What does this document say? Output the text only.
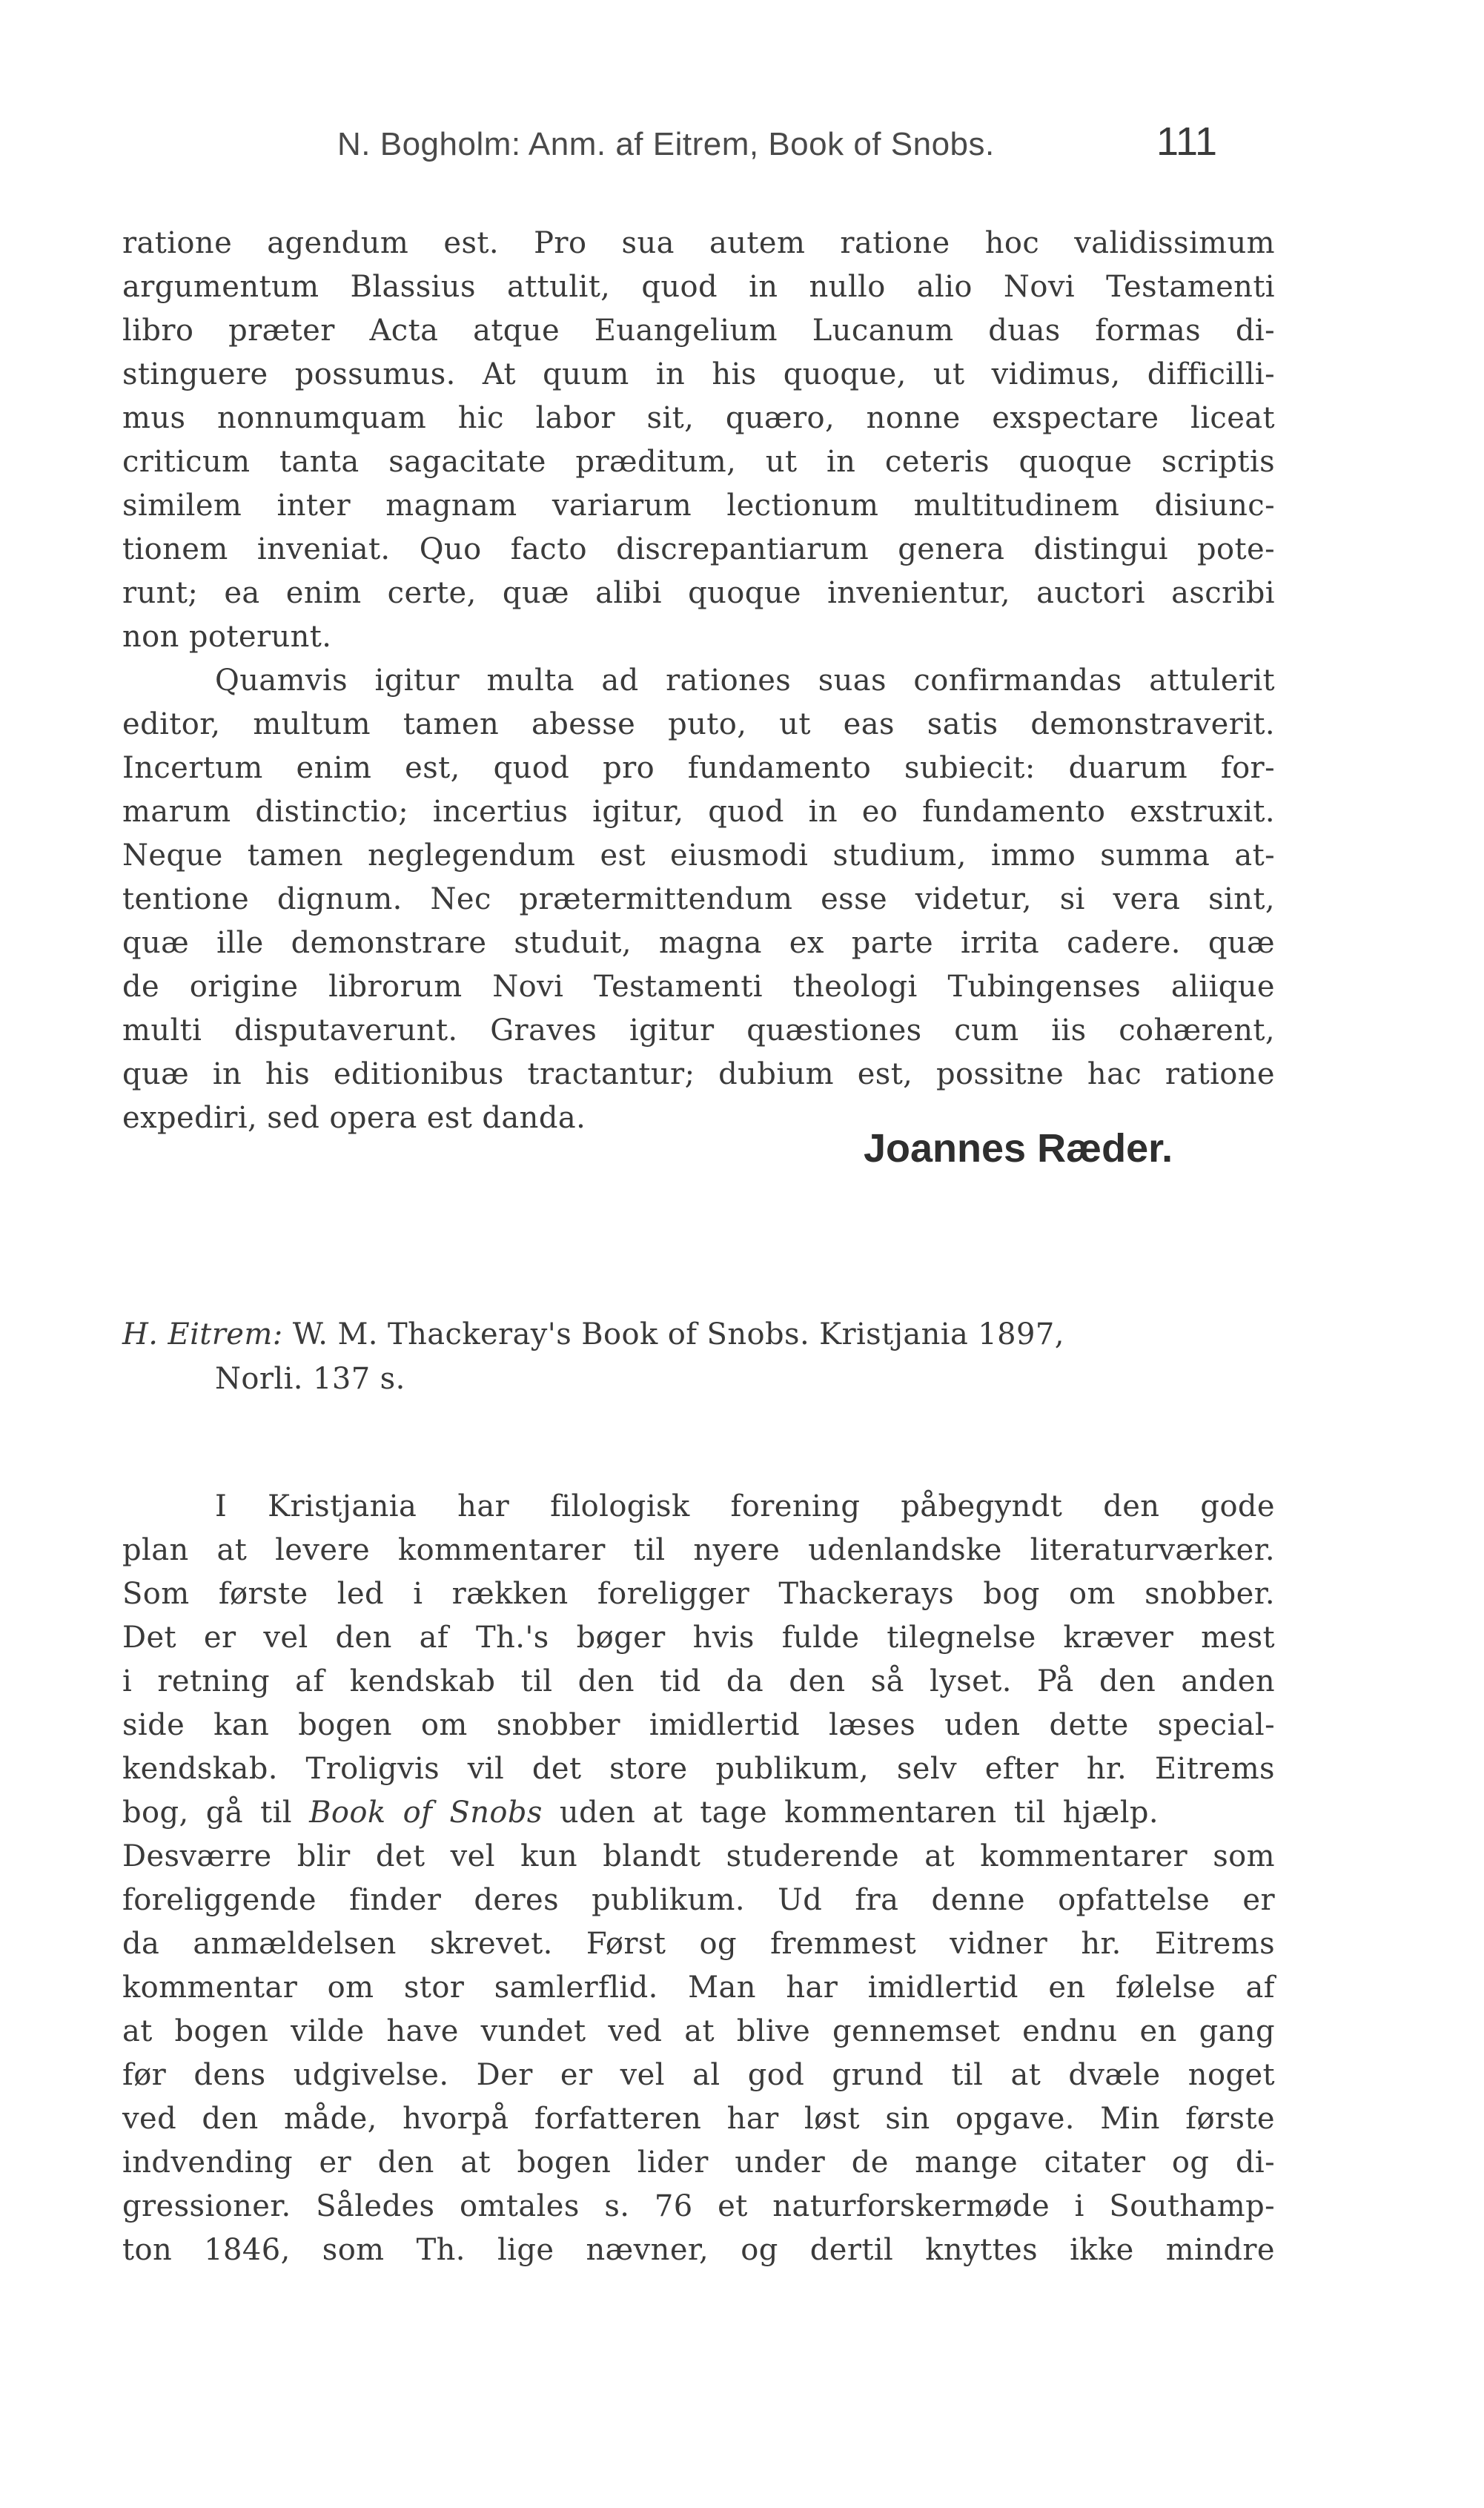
N. Bogholm: Anm. af Eitrem, Book of Snobs.	111
ratione agendum est. Pro sua autem ratione hoc validissimum
argumentum Blassius attulit, quod in nullo alio Novi Testamenti
libro præter Acta atque Euangelium Lucanum duas formas di-
stinguere possumus. At quum in his quoque, ut vidimus, difficilli-
mus nonnumquam hic labor sit, quæro, nonne exspectare liceat
criticum tanta sagacitate præditum, ut in ceteris quoque scriptis
similem inter magnam variarum lectionum multitudinem disiunc-
tionem inveniat. Quo facto discrepantiarum genera distingui pote-
runt; ea enim certe, quæ alibi quoque invenientur, auctori ascribi
non poterunt.
Quamvis igitur multa ad rationes suas confirmandas attulerit
editor, multum tamen abesse puto, ut eas satis demonstraverit.
Incertum enim est, quod pro fundamento subiecit: duarum for-
marum distinctio; incertius igitur, quod in eo fundamento exstruxit.
Neque tamen neglegendum est eiusmodi studium, immo summa at-
tentione dignum. Nec prætermittendum esse videtur, si vera sint,
quæ ille demonstrare studuit, magna ex parte irrita cadere. quæ
de origine librorum Novi Testamenti theologi Tubingenses aliique
multi disputaverunt. Graves igitur quæstiones cum iis cohærent,
quæ in his editionibus tractantur; dubium est, possitne hac ratione
expediri, sed opera est danda.
Joannes Ræder.
H. Eitrem: W. M. Thackeray's Book of Snobs. Kristjania 1897,
Norli. 137 s.
I Kristjania har filologisk forening påbegyndt den gode
plan at levere kommentarer til nyere udenlandske literaturværker.
Som første led i rækken foreligger Thackerays bog om snobber.
Det er vel den af Th.'s bøger hvis fulde tilegnelse kræver mest
i retning af kendskab til den tid da den så lyset. På den anden
side kan bogen om snobber imidlertid læses uden dette special-
kendskab. Troligvis vil det store publikum, selv efter hr. Eitrems
bog, gå til Book of Snobs uden at tage kommentaren til hjælp.
Desværre blir det vel kun blandt studerende at kommentarer som
foreliggende finder deres publikum. Ud fra denne opfattelse er
da anmældelsen skrevet. Først og fremmest vidner hr. Eitrems
kommentar om stor samlerflid. Man har imidlertid en følelse af
at bogen vilde have vundet ved at blive gennemset endnu en gang
før dens udgivelse. Der er vel al god grund til at dvæle noget
ved den måde, hvorpå forfatteren har løst sin opgave. Min første
indvending er den at bogen lider under de mange citater og di-
gressioner. Således omtales s. 76 et naturforskermøde i Southamp-
ton 1846, som Th. lige nævner, og dertil knyttes ikke mindre
